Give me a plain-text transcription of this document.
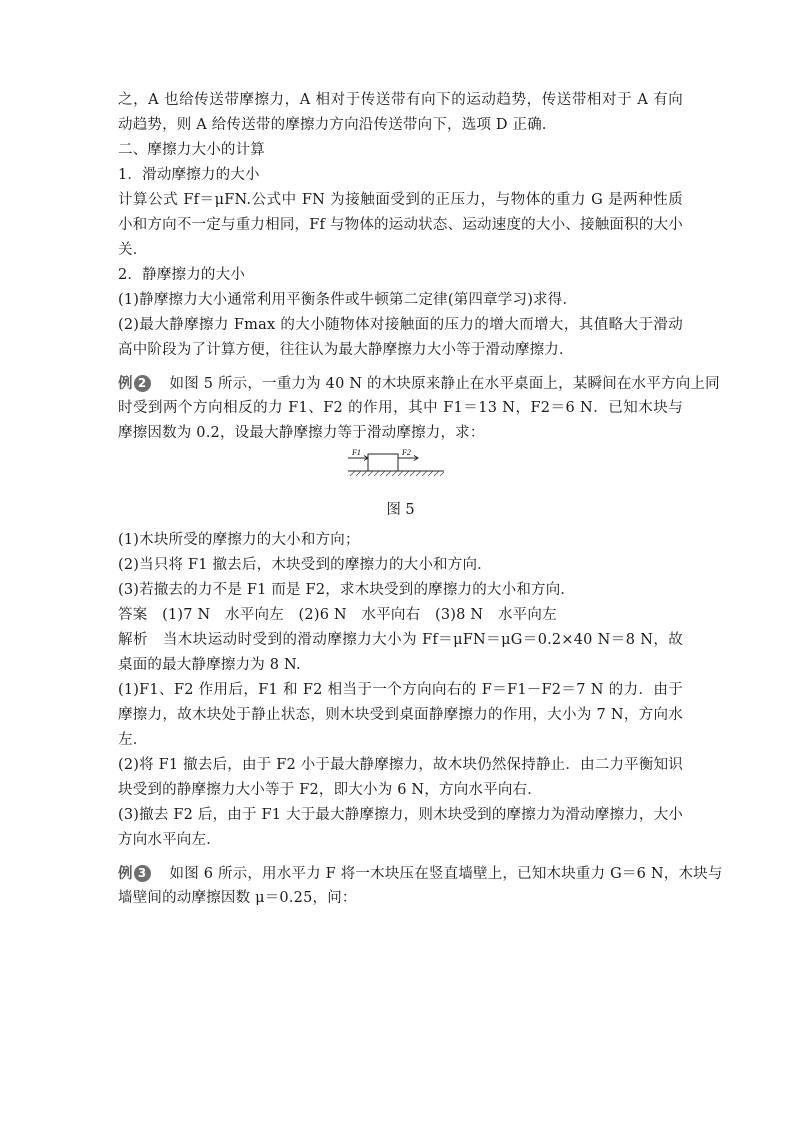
之，A 也给传送带摩擦力，A 相对于传送带有向下的运动趋势，传送带相对于 A 有向
动趋势，则 A 给传送带的摩擦力方向沿传送带向下，选项 D 正确．
二、摩擦力大小的计算
1．滑动摩擦力的大小
计算公式 Ff＝μFN.公式中 FN 为接触面受到的正压力，与物体的重力 G 是两种性质
小和方向不一定与重力相同，Ff 与物体的运动状态、运动速度的大小、接触面积的大小
关．
2．静摩擦力的大小
(1)静摩擦力大小通常利用平衡条件或牛顿第二定律(第四章学习)求得．
(2)最大静摩擦力 Fmax 的大小随物体对接触面的压力的增大而增大，其值略大于滑动
高中阶段为了计算方便，往往认为最大静摩擦力大小等于滑动摩擦力．
例 2 如图 5 所示，一重力为 40 N 的木块原来静止在水平桌面上，某瞬间在水平方向上同
时受到两个方向相反的力 F1、F2 的作用，其中 F1＝13 N，F2＝6 N．已知木块与
摩擦因数为 0.2，设最大静摩擦力等于滑动摩擦力，求：
F1	F2
图 5
(1)木块所受的摩擦力的大小和方向；
(2)当只将 F1 撤去后，木块受到的摩擦力的大小和方向．
(3)若撤去的力不是 F1 而是 F2，求木块受到的摩擦力的大小和方向．
答案　(1)7 N　水平向左　(2)6 N　水平向右　(3)8 N　水平向左
解析　当木块运动时受到的滑动摩擦力大小为 Ff＝μFN＝μG＝0.2×40 N＝8 N，故
桌面的最大静摩擦力为 8 N.
(1)F1、F2 作用后，F1 和 F2 相当于一个方向向右的 F＝F1－F2＝7 N 的力．由于
摩擦力，故木块处于静止状态，则木块受到桌面静摩擦力的作用，大小为 7 N，方向水
左．
(2)将 F1 撤去后，由于 F2 小于最大静摩擦力，故木块仍然保持静止．由二力平衡知识
块受到的静摩擦力大小等于 F2，即大小为 6 N，方向水平向右．
(3)撤去 F2 后，由于 F1 大于最大静摩擦力，则木块受到的摩擦力为滑动摩擦力，大小
方向水平向左．
例 3 如图 6 所示，用水平力 F 将一木块压在竖直墙壁上，已知木块重力 G＝6 N，木块与
墙壁间的动摩擦因数 μ＝0.25，问：
